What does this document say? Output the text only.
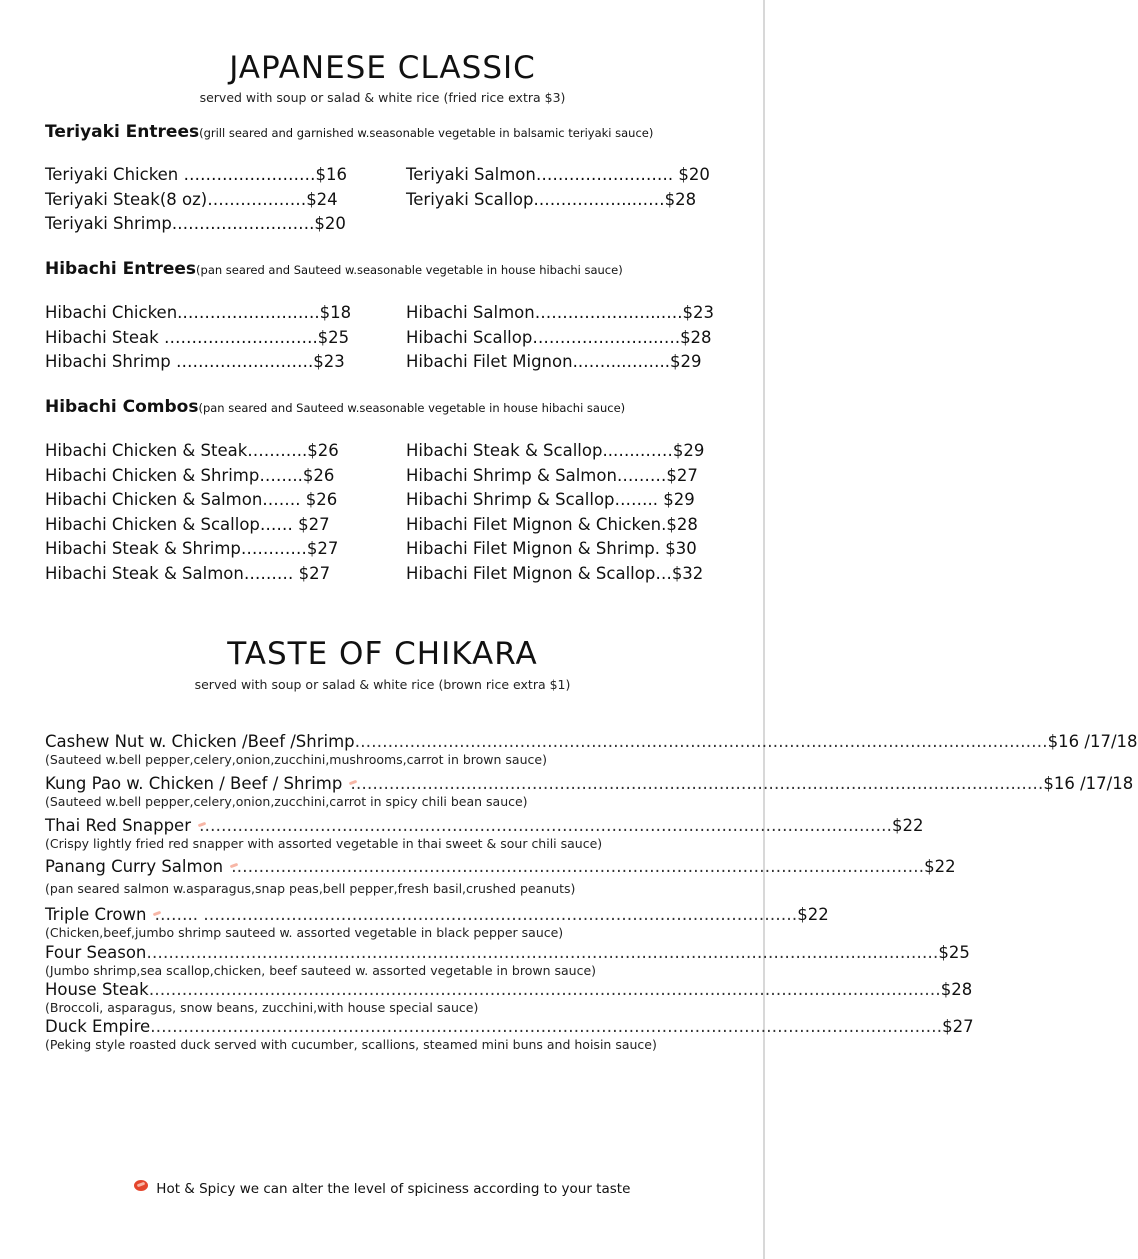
JAPANESE CLASSIC
served with soup or salad & white rice (fried rice extra $3)
Teriyaki Entrees(grill seared and garnished w.seasonable vegetable in balsamic teriyaki sauce)
Teriyaki Chicken ……………………$16
Teriyaki Steak(8 oz)………………$24
Teriyaki Shrimp.…………………….$20
Teriyaki Salmon……………………. $20
Teriyaki Scallop.……………..……$28
Hibachi Entrees(pan seared and Sauteed w.seasonable vegetable in house hibachi sauce)
Hibachi Chicken.…………………….$18
Hibachi Steak ……………………….$25
Hibachi Shrimp …………………….$23
Hibachi Salmon…………………..….$23
Hibachi Scallop…………………..….$28
Hibachi Filet Mignon.……...……..$29
Hibachi Combos(pan seared and Sauteed w.seasonable vegetable in house hibachi sauce)
Hibachi Chicken & Steak………..$26
Hibachi Chicken & Shrimp……..$26
Hibachi Chicken & Salmon……. $26
Hibachi Chicken & Scallop…… $27
Hibachi Steak & Shrimp…………$27
Hibachi Steak & Salmon……… $27
Hibachi Steak & Scallop..…..……$29
Hibachi Shrimp & Salmon………$27
Hibachi Shrimp & Scallop…….. $29
Hibachi Filet Mignon & Chicken.$28
Hibachi Filet Mignon & Shrimp. $30
Hibachi Filet Mignon & Scallop…$32
TASTE OF CHIKARA
served with soup or salad & white rice (brown rice extra $1)
Cashew Nut w. Chicken /Beef /Shrimp ……………………………………………………………………………………………………………… $16 /17/18
(Sauteed w.bell pepper,celery,onion,zucchini,mushrooms,carrot in brown sauce)
Kung Pao w. Chicken / Beef / Shrimp ……………………………………………………………………………………………………………… $16 /17/18
(Sauteed w.bell pepper,celery,onion,zucchini,carrot in spicy chili bean sauce)
Thai Red Snapper ……………………………………………………………………………………………………………… $22
(Crispy lightly fried red snapper with assorted vegetable in thai sweet & sour chili sauce)
Panang Curry Salmon ……………………………………………………………………………………………………………… $22
(pan seared salmon w.asparagus,snap peas,bell pepper,fresh basil,crushed peanuts)
Triple Crown …….. ……………………………………………………………………………………………… $22
(Chicken,beef,jumbo shrimp sauteed w. assorted vegetable in black pepper sauce)
Four Season ……………………………………………………………………………………………………………………………… $25
(Jumbo shrimp,sea scallop,chicken, beef sauteed w. assorted vegetable in brown sauce)
House Steak ……………………………………………………………………………………………………………………………… $28
(Broccoli, asparagus, snow beans, zucchini,with house special sauce)
Duck Empire ……………………………………………………………………………………………………………………………… $27
(Peking style roasted duck served with cucumber, scallions, steamed mini buns and hoisin sauce)
Hot & Spicy we can alter the level of spiciness according to your taste
